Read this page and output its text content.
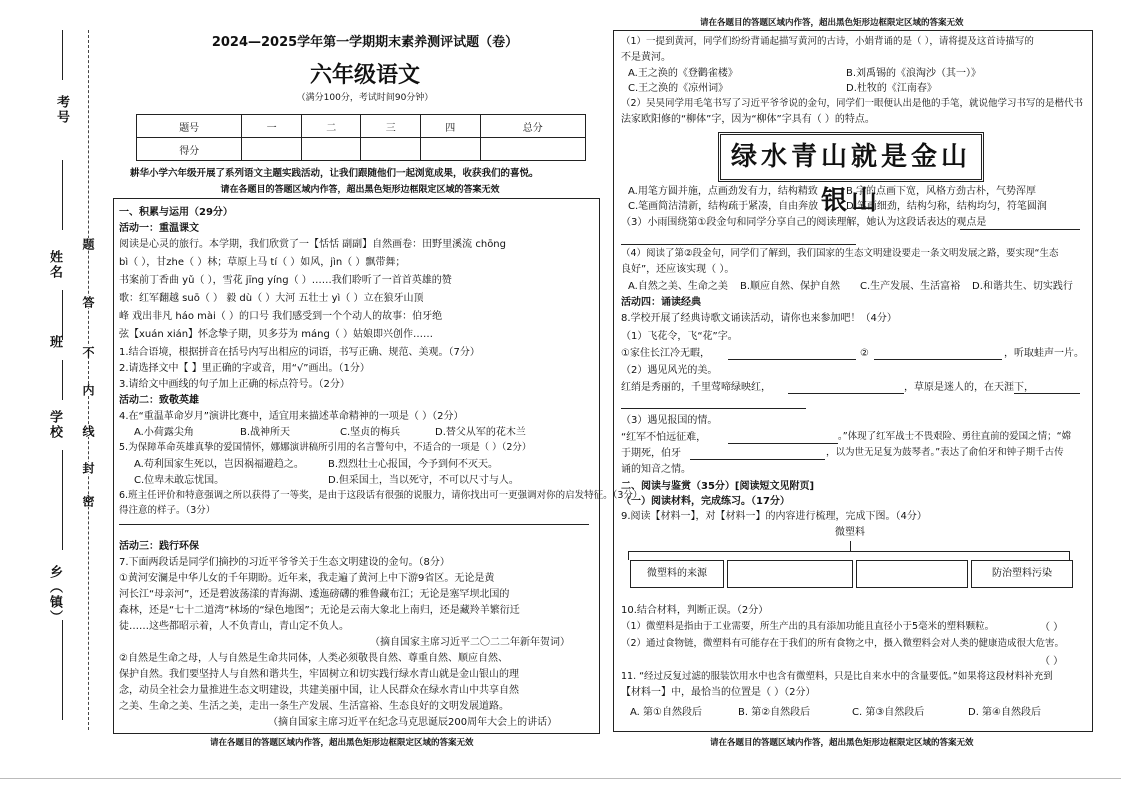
考号
姓名
班
学校
乡（镇）
题
答
不
内
线
封
密
2024—2025学年第一学期期末素养测评试题（卷）
六年级语文
（满分100分，考试时间90分钟）
题号	一	二	三	四	总分
得分					
耕华小学六年级开展了系列语文主题实践活动，让我们跟随他们一起浏览成果，收获我们的喜悦。
请在各题目的答题区域内作答，超出黑色矩形边框限定区域的答案无效
一、积累与运用（29分）
活动一：重温课文
阅读是心灵的旅行。本学期，我们欣赏了一【恬恬 副副】自然画卷：田野里溪流 chōng
bì（ ），甘zhe（ ）林；草原上马 tí（ ）如风，jìn（ ）飘带舞；
书案前丁香曲 yǔ（ ），雪花 jīng yíng（ ）……我们聆听了一首首英雄的赞
歌：红军翻越 suō（ ） 毅 dù（ ）大河 五壮士 yì（ ）立在狼牙山顶
峰 戏出非凡 háo mài（ ）的口号 我们感受到一个个动人的故事：伯牙绝
弦【xuán xián】怀念挚子期，贝多芬为 máng（ ）姑娘即兴创作……
1.结合语境，根据拼音在括号内写出相应的词语，书写正确、规范、美观。（7分）
2.请选择文中【 】里正确的字或音，用“√”画出。（1分）
3.请给文中画线的句子加上正确的标点符号。（2分）
活动二：致敬英雄
4.在“重温革命岁月”演讲比赛中，适宜用来描述革命精神的一项是（ ）（2分）
A.小荷露尖角	B.战神所天	C.坚贞的梅兵	D.替父从军的花木兰
5.为保障革命英雄真挚的爱国情怀，娜娜演讲稿所引用的名言警句中，不适合的一项是（ ）（2分）
A.苟利国家生死以，岂因祸福避趋之。 B.烈烈壮士心报国，今予到何不灭天。
C.位卑未敢忘忧国。	D.但采国土，当以死守，不可以尺寸与人。
6.班主任评价和特意强调之所以获得了一等奖，是由于这段话有很强的说服力，请你找出可一更强调对你的启发特征。（3分）
得注意的样子。（3分）
活动三：践行环保
7.下面两段话是同学们摘抄的习近平爷爷关于生态文明建设的金句。（8分）
①黄河安澜是中华儿女的千年期盼。近年来，我走遍了黄河上中下游9省区。无论是黄
河长江“母亲河”，还是碧波荡漾的青海湖、逶迤磅礴的雅鲁藏布江；无论是塞罕坝北国的
森林，还是“七十二道湾”林场的“绿色地图”；无论是云南大象北上南归，还是藏羚羊繁衍迁
徒……这些都昭示着，人不负青山，青山定不负人。
（摘自国家主席习近平二〇二二年新年贺词）
②自然是生命之母，人与自然是生命共同体，人类必须敬畏自然、尊重自然、顺应自然、
保护自然。我们要坚持人与自然和谐共生，牢固树立和切实践行绿水青山就是金山银山的理
念，动员全社会力量推进生态文明建设，共建美丽中国，让人民群众在绿水青山中共享自然
之美、生命之美、生活之美，走出一条生产发展、生活富裕、生态良好的文明发展道路。
（摘自国家主席习近平在纪念马克思诞辰200周年大会上的讲话）
请在各题目的答题区域内作答，超出黑色矩形边框限定区域的答案无效
请在各题目的答题区域内作答，超出黑色矩形边框限定区域的答案无效
（1）一提到黄河，同学们纷纷背诵起描写黄河的古诗，小娟背诵的是（ ），请将提及这首诗描写的
不是黄河。
A.王之涣的《登鹳雀楼》	B.刘禹锡的《浪淘沙（其一）》
C.王之涣的《凉州词》	D.杜牧的《江南春》
（2）吴昊同学用毛笔书写了习近平爷爷说的金句，同学们一眼便认出是他的手笔，就说他学习书写的是楷代书
法家欧阳修的“柳体”字，因为“柳体”字具有（ ）的特点。
绿水青山就是金山银山
A.用笔方圆并施，点画劲发有力，结构精致	B.字的点画下宽，风格方劲古朴，气势浑厚
C.笔画简洁清新，结构疏于紧凑，自由奔放	D.笔画细劲，结构匀称，结构均匀，符笔圆润
（3）小雨围绕第①段金句和同学分享自己的阅读理解，她认为这段话表达的观点是
（4）阅读了第②段金句，同学们了解到，我们国家的生态文明建设要走一条文明发展之路，要实现“生态
良好”，还应该实现（ ）。
A.自然之美、生命之美 B.顺应自然、保护自然 C.生产发展、生活富裕 D.和谐共生、切实践行
活动四：诵读经典
8.学校开展了经典诗歌文诵读活动，请你也来参加吧！（4分）
（1）飞花令，飞“花”字。
①家住长江冷无暇，	②	，听取蛙声一片。
（2）遇见风光的美。
红绡是秀丽的，千里莺啼绿映红，	，草原是迷人的，在天涯下，
（3）遇见报国的情。
“红军不怕远征难，	。”体现了红军战士不畏艰险、勇往直前的爱国之情；“嫦
于期死，伯牙	，以为世无足复为鼓琴者。”表达了俞伯牙和钟子期千古传
诵的知音之情。
二、阅读与鉴赏（35分）[阅读短文见附页]
（一）阅读材料，完成练习。（17分）
9.阅读【材料一】，对【材料一】的内容进行梳理，完成下图。（4分）
微塑料
微塑料的来源	防治塑料污染
10.结合材料，判断正误。（2分）
（1）微塑料是指由于工业需要，所生产出的具有添加功能且直径小于5毫米的塑料颗粒。	（ ）
（2）通过食物链，微塑料有可能存在于我们的所有食物之中，摄入微塑料会对人类的健康造成很大危害。
（ ）
11. “经过反复过滤的服装饮用水中也含有微塑料，只是比自来水中的含量要低。”如果将这段材料补充到
【材料一】中，最恰当的位置是（ ）（2分）
A. 第①自然段后	B. 第②自然段后	C. 第③自然段后	D. 第④自然段后
请在各题目的答题区域内作答，超出黑色矩形边框限定区域的答案无效
